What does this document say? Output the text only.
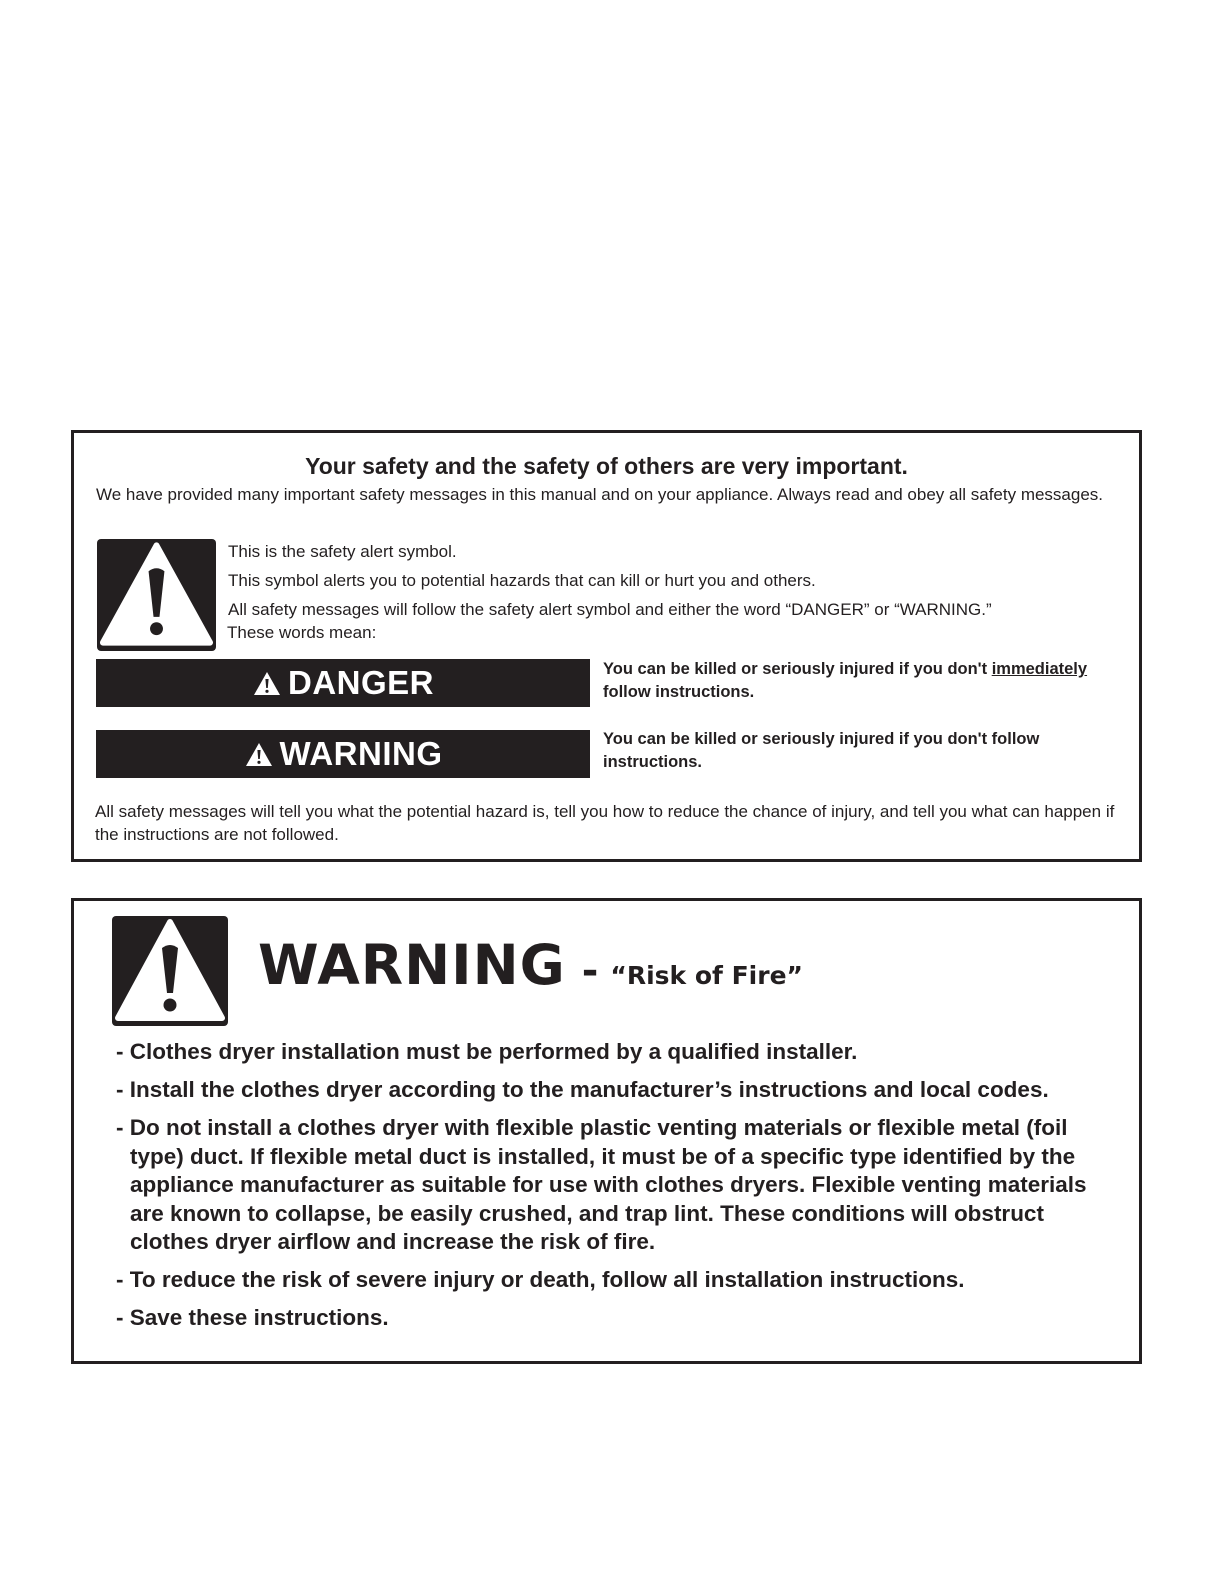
Your safety and the safety of others are very important.
We have provided many important safety messages in this manual and on your appliance. Always read and obey all safety messages.
This is the safety alert symbol.
This symbol alerts you to potential hazards that can kill or hurt you and others.
All safety messages will follow the safety alert symbol and either the word “DANGER” or “WARNING.”
These words mean:
DANGER	You can be killed or seriously injured if you don't immediately follow instructions.
WARNING	You can be killed or seriously injured if you don't follow instructions.
All safety messages will tell you what the potential hazard is, tell you how to reduce the chance of injury, and tell you what can happen if the instructions are not followed.
WARNING - “Risk of Fire”
- Clothes dryer installation must be performed by a qualified installer.
- Install the clothes dryer according to the manufacturer’s instructions and local codes.
- Do not install a clothes dryer with flexible plastic venting materials or flexible metal (foil type) duct. If flexible metal duct is installed, it must be of a specific type identified by the appliance manufacturer as suitable for use with clothes dryers. Flexible venting materials are known to collapse, be easily crushed, and trap lint. These conditions will obstruct clothes dryer airflow and increase the risk of fire.
- To reduce the risk of severe injury or death, follow all installation instructions.
- Save these instructions.
